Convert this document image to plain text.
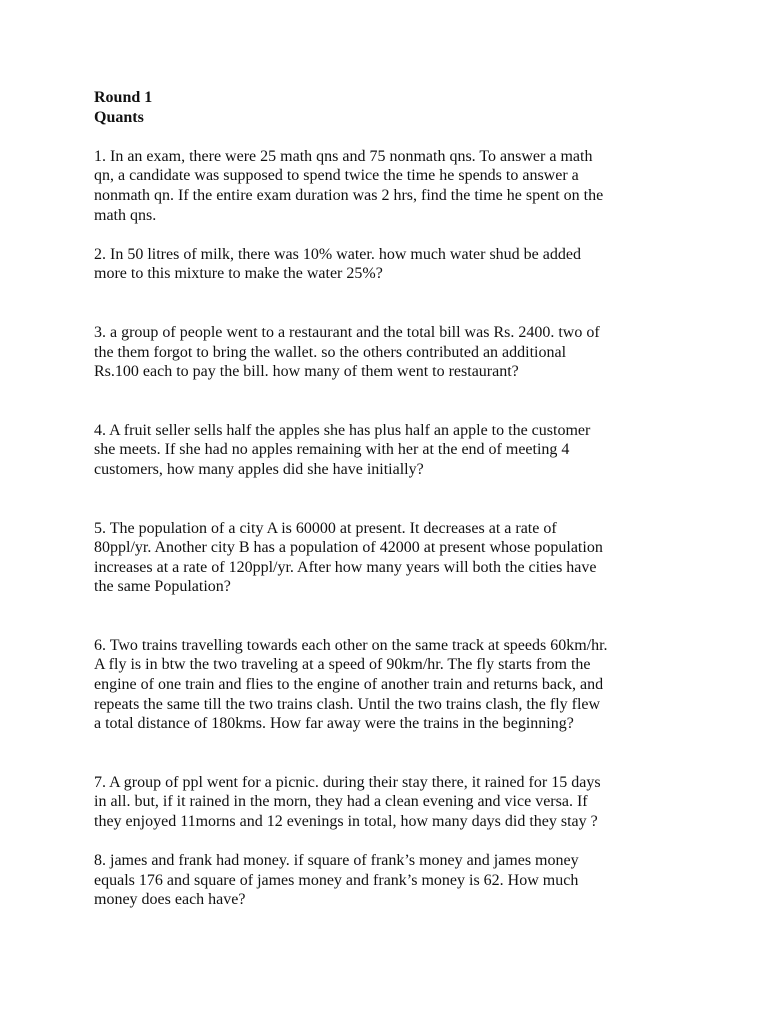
Round 1

Quants

1. In an exam, there were 25 math qns and 75 nonmath qns. To answer a math
qn, a candidate was supposed to spend twice the time he spends to answer a
nonmath qn. If the entire exam duration was 2 hrs, find the time he spent on the
math qns.

2. In 50 litres of milk, there was 10% water. how much water shud be added
more to this mixture to make the water 25%?

3. a group of people went to a restaurant and the total bill was Rs. 2400. two of
the them forgot to bring the wallet. so the others contributed an additional
Rs.100 each to pay the bill. how many of them went to restaurant?

4. A fruit seller sells half the apples she has plus half an apple to the customer
she meets. If she had no apples remaining with her at the end of meeting 4
customers, how many apples did she have initially?

5. The population of a city A is 60000 at present. It decreases at a rate of
80ppl/yr. Another city B has a population of 42000 at present whose population
increases at a rate of 120ppl/yr. After how many years will both the cities have
the same Population?

6. Two trains travelling towards each other on the same track at speeds 60km/hr.
A fly is in btw the two traveling at a speed of 90km/hr. The fly starts from the
engine of one train and flies to the engine of another train and returns back, and
repeats the same till the two trains clash. Until the two trains clash, the fly flew
a total distance of 180kms. How far away were the trains in the beginning?

7. A group of ppl went for a picnic. during their stay there, it rained for 15 days
in all. but, if it rained in the morn, they had a clean evening and vice versa. If
they enjoyed 11morns and 12 evenings in total, how many days did they stay ?

8. james and frank had money. if square of frank’s money and james money
equals 176 and square of james money and frank’s money is 62. How much
money does each have?
